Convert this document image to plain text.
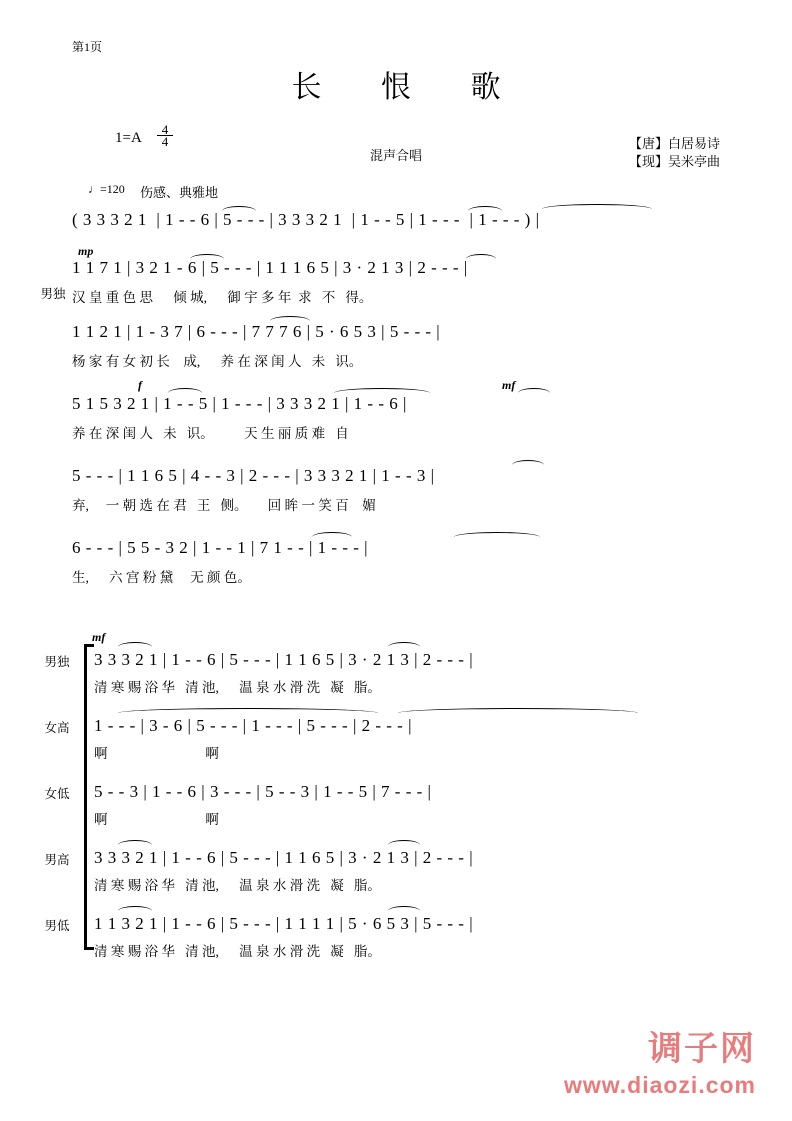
第1页
长 恨 歌
$1=A \frac{4}{4}$
混声合唱
【唐】白居易诗
【现】吴米亭曲
♩=120 伤感、典雅地
( 3 3 3 2 1  | 1 - - 6 | 5 - - - | 3 3 3 2 1  | 1 - - 5 | 1 - - -  | 1 - - - ) |
mp
男独
1 1 7 1 | 3 2 1 - 6 | 5 - - - | 1 1 1 6 5 | 3 · 2 1 3 | 2 - - - |
汉 皇 重 色 思      倾 城,      御 宇 多 年  求   不   得。
1 1 2 1 | 1 - 3 7 | 6 - - - | 7 7 7 6 | 5 · 6 5 3 | 5 - - - |
杨 家 有 女 初 长    成,      养 在 深 闺 人   未   识。
f	mf
5 1 5 3 2 1 | 1 - - 5 | 1 - - - | 3 3 3 2 1 | 1 - - 6 |
养 在 深 闺 人   未   识。         天 生 丽 质 难   自
5 - - - | 1 1 6 5 | 4 - - 3 | 2 - - - | 3 3 3 2 1 | 1 - - 3 |
弃,     一 朝 选 在 君   王   侧。      回 眸 一 笑 百    媚
6 - - - | 5 5 - 3 2 | 1 - - 1 | 7 1 - - | 1 - - - |
生,      六 宫 粉 黛     无 颜 色。
mf
男独 3 3 3 2 1 | 1 - - 6 | 5 - - - | 1 1 6 5 | 3 · 2 1 3 | 2 - - - |
清 寒 赐 浴 华   清 池,      温 泉 水 滑 洗   凝   脂。
女高 1 - - - | 3 - 6 | 5 - - - | 1 - - - | 5 - - - | 2 - - - |
啊                             啊
女低 5 - - 3 | 1 - - 6 | 3 - - - | 5 - - 3 | 1 - - 5 | 7 - - - |
啊                             啊
男高 3 3 3 2 1 | 1 - - 6 | 5 - - - | 1 1 6 5 | 3 · 2 1 3 | 2 - - - |
清 寒 赐 浴 华   清 池,      温 泉 水 滑 洗   凝   脂。
男低 1 1 3 2 1 | 1 - - 6 | 5 - - - | 1 1 1 1 | 5 · 6 5 3 | 5 - - - |
清 寒 赐 浴 华   清 池,      温 泉 水 滑 洗   凝   脂。
调子网
www.diaozi.com
